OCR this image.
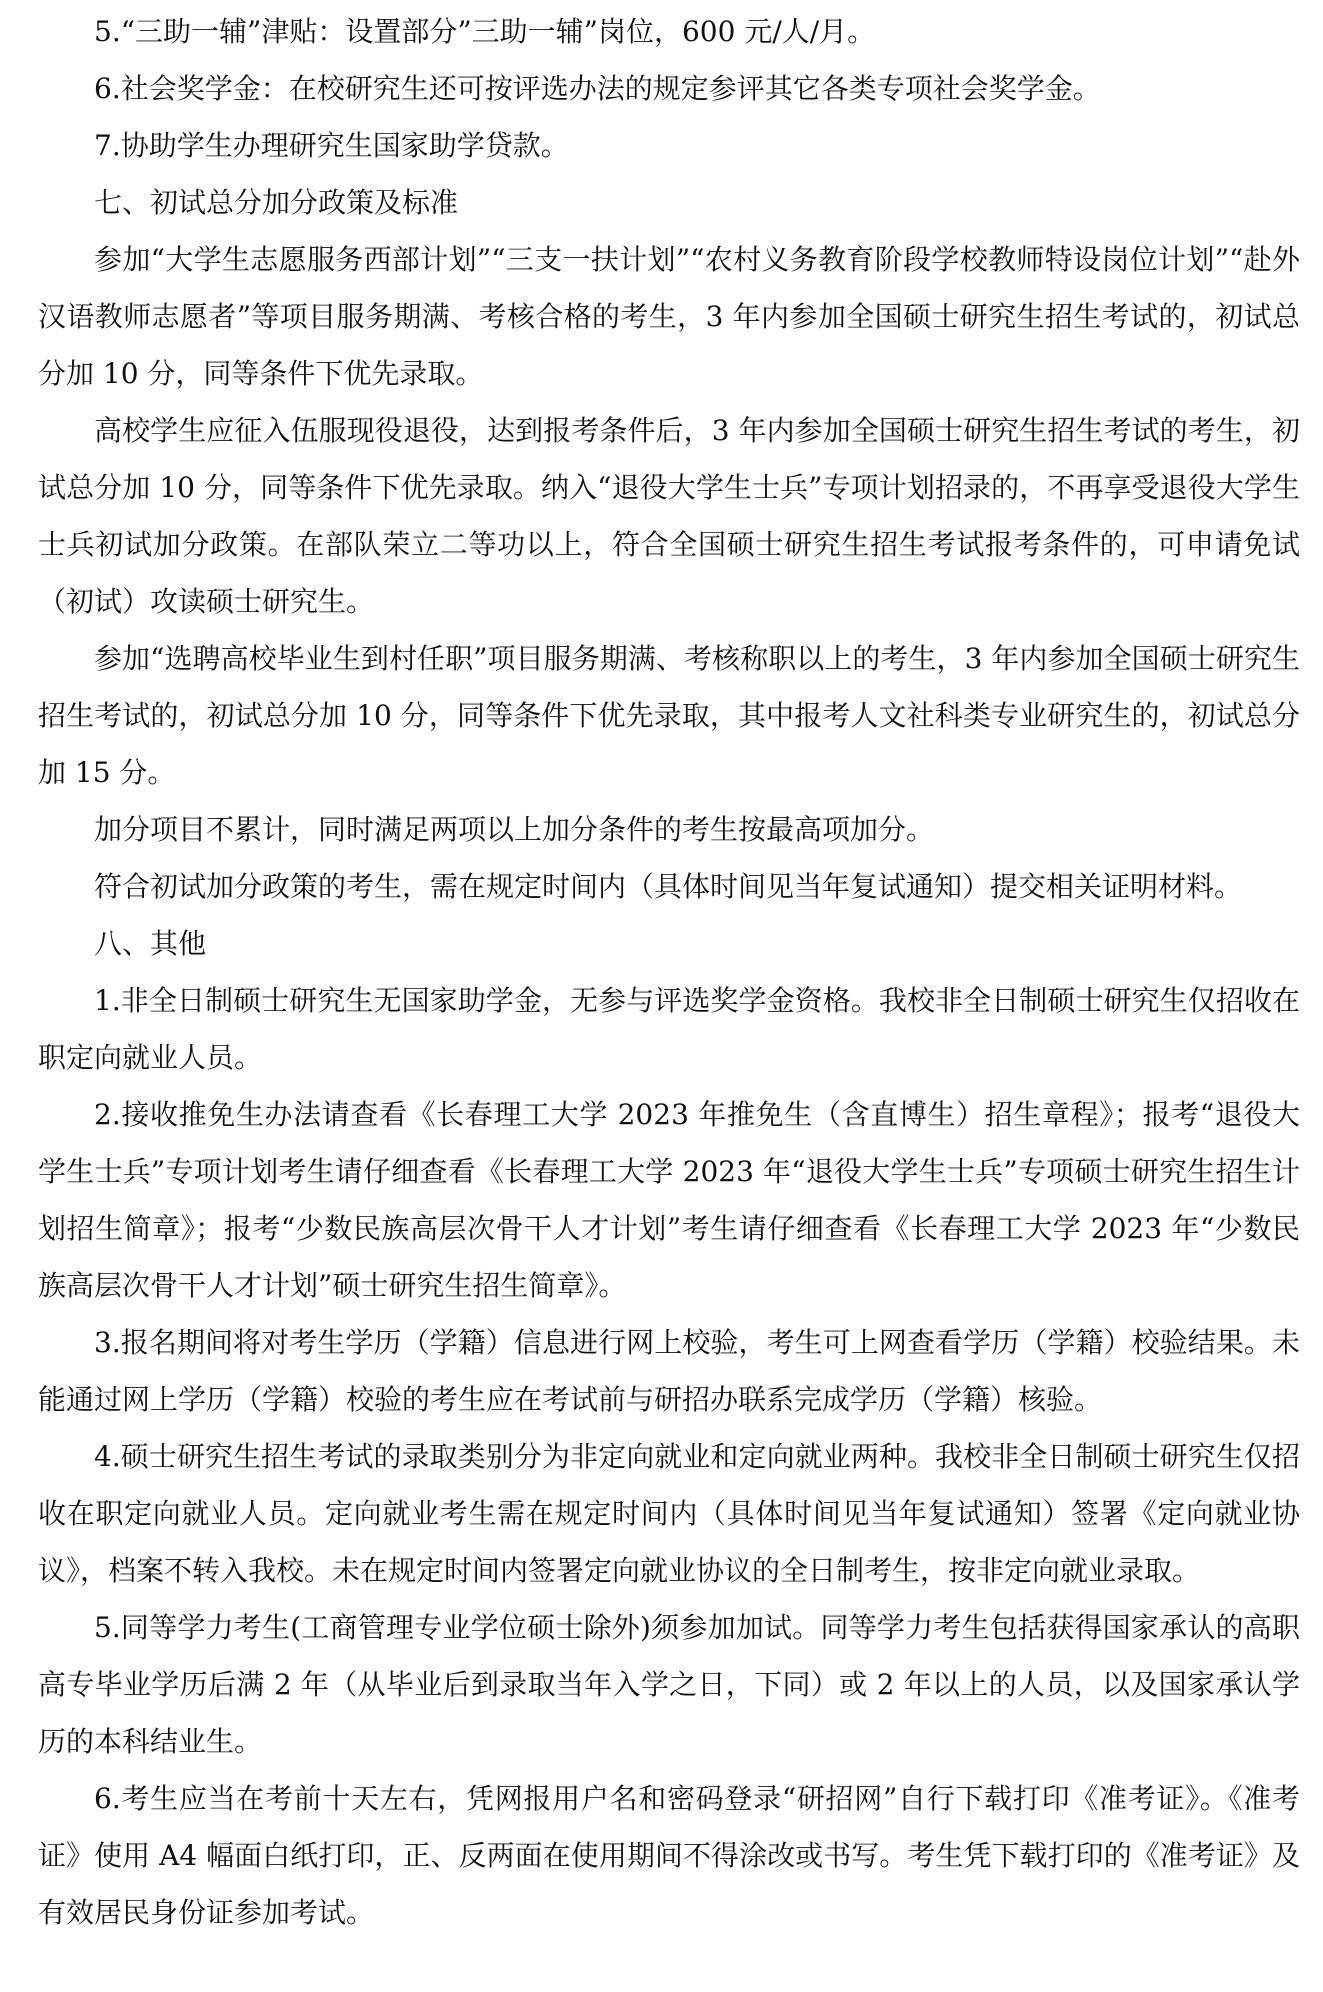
5.“三助一辅”津贴：设置部分”三助一辅”岗位，600 元/人/月。

6.社会奖学金：在校研究生还可按评选办法的规定参评其它各类专项社会奖学金。

7.协助学生办理研究生国家助学贷款。

七、初试总分加分政策及标准

参加“大学生志愿服务西部计划”“三支一扶计划”“农村义务教育阶段学校教师特设岗位计划”“赴外汉语教师志愿者”等项目服务期满、考核合格的考生，3 年内参加全国硕士研究生招生考试的，初试总分加 10 分，同等条件下优先录取。

高校学生应征入伍服现役退役，达到报考条件后，3 年内参加全国硕士研究生招生考试的考生，初试总分加 10 分，同等条件下优先录取。纳入“退役大学生士兵”专项计划招录的，不再享受退役大学生士兵初试加分政策。在部队荣立二等功以上，符合全国硕士研究生招生考试报考条件的，可申请免试（初试）攻读硕士研究生。

参加“选聘高校毕业生到村任职”项目服务期满、考核称职以上的考生，3 年内参加全国硕士研究生招生考试的，初试总分加 10 分，同等条件下优先录取，其中报考人文社科类专业研究生的，初试总分加 15 分。

加分项目不累计，同时满足两项以上加分条件的考生按最高项加分。

符合初试加分政策的考生，需在规定时间内（具体时间见当年复试通知）提交相关证明材料。

八、其他

1.非全日制硕士研究生无国家助学金，无参与评选奖学金资格。我校非全日制硕士研究生仅招收在职定向就业人员。

2.接收推免生办法请查看《长春理工大学 2023 年推免生（含直博生）招生章程》；报考“退役大学生士兵”专项计划考生请仔细查看《长春理工大学 2023 年“退役大学生士兵”专项硕士研究生招生计划招生简章》；报考“少数民族高层次骨干人才计划”考生请仔细查看《长春理工大学 2023 年“少数民族高层次骨干人才计划”硕士研究生招生简章》。

3.报名期间将对考生学历（学籍）信息进行网上校验，考生可上网查看学历（学籍）校验结果。未能通过网上学历（学籍）校验的考生应在考试前与研招办联系完成学历（学籍）核验。

4.硕士研究生招生考试的录取类别分为非定向就业和定向就业两种。我校非全日制硕士研究生仅招收在职定向就业人员。定向就业考生需在规定时间内（具体时间见当年复试通知）签署《定向就业协议》，档案不转入我校。未在规定时间内签署定向就业协议的全日制考生，按非定向就业录取。

5.同等学力考生(工商管理专业学位硕士除外)须参加加试。同等学力考生包括获得国家承认的高职高专毕业学历后满 2 年（从毕业后到录取当年入学之日，下同）或 2 年以上的人员，以及国家承认学历的本科结业生。

6.考生应当在考前十天左右，凭网报用户名和密码登录“研招网”自行下载打印《准考证》。《准考证》使用 A4 幅面白纸打印，正、反两面在使用期间不得涂改或书写。考生凭下载打印的《准考证》及有效居民身份证参加考试。
